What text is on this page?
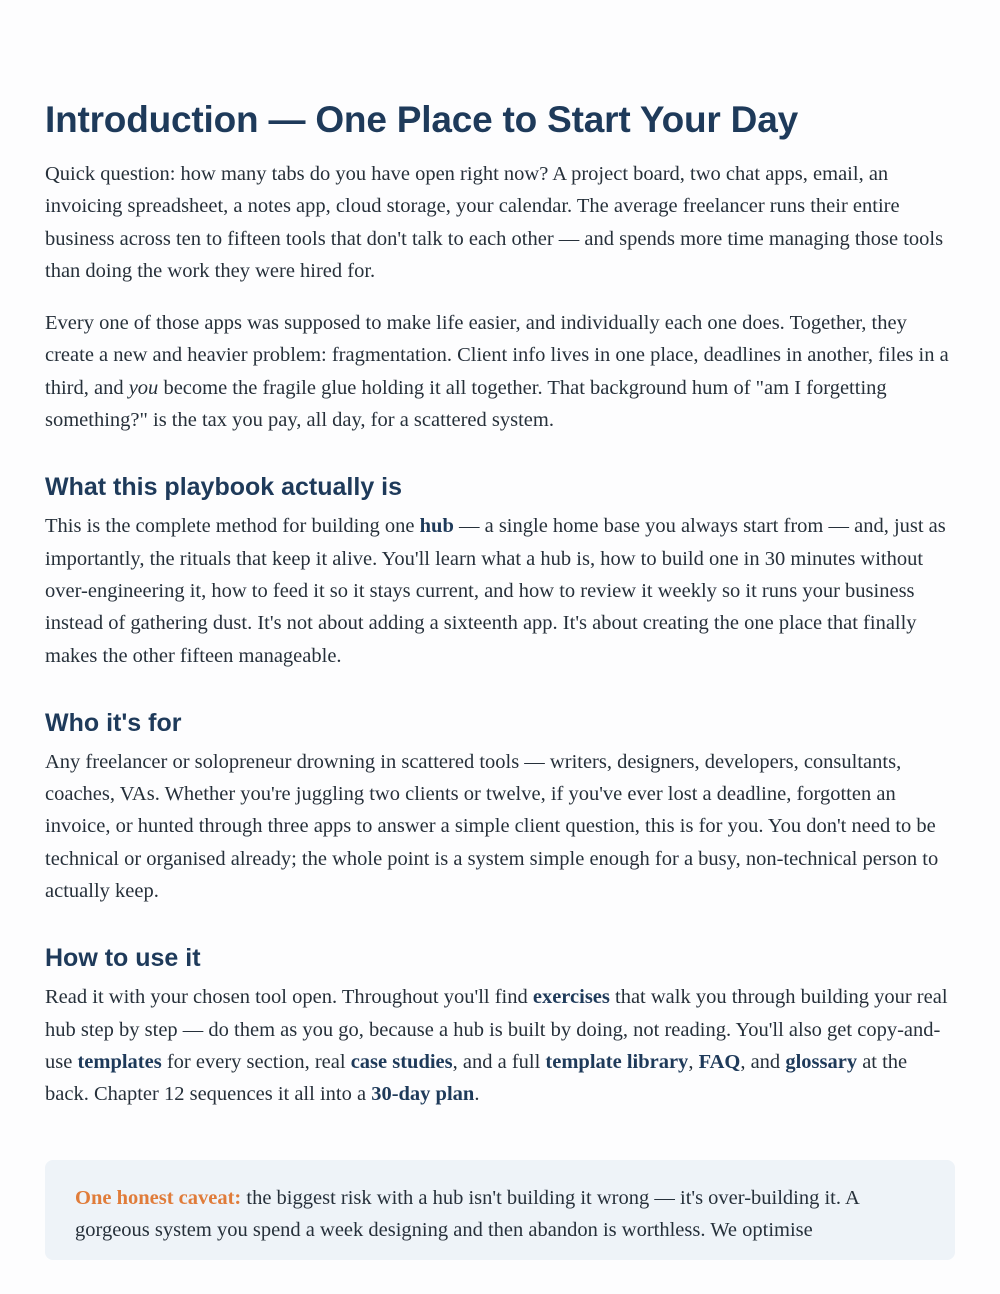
Introduction — One Place to Start Your Day

Quick question: how many tabs do you have open right now? A project board, two chat apps, email, an invoicing spreadsheet, a notes app, cloud storage, your calendar. The average freelancer runs their entire business across ten to fifteen tools that don't talk to each other — and spends more time managing those tools than doing the work they were hired for.

Every one of those apps was supposed to make life easier, and individually each one does. Together, they create a new and heavier problem: fragmentation. Client info lives in one place, deadlines in another, files in a third, and you become the fragile glue holding it all together. That background hum of "am I forgetting something?" is the tax you pay, all day, for a scattered system.

What this playbook actually is

This is the complete method for building one hub — a single home base you always start from — and, just as importantly, the rituals that keep it alive. You'll learn what a hub is, how to build one in 30 minutes without over-engineering it, how to feed it so it stays current, and how to review it weekly so it runs your business instead of gathering dust. It's not about adding a sixteenth app. It's about creating the one place that finally makes the other fifteen manageable.

Who it's for

Any freelancer or solopreneur drowning in scattered tools — writers, designers, developers, consultants, coaches, VAs. Whether you're juggling two clients or twelve, if you've ever lost a deadline, forgotten an invoice, or hunted through three apps to answer a simple client question, this is for you. You don't need to be technical or organised already; the whole point is a system simple enough for a busy, non-technical person to actually keep.

How to use it

Read it with your chosen tool open. Throughout you'll find exercises that walk you through building your real hub step by step — do them as you go, because a hub is built by doing, not reading. You'll also get copy-and-use templates for every section, real case studies, and a full template library, FAQ, and glossary at the back. Chapter 12 sequences it all into a 30-day plan.

One honest caveat: the biggest risk with a hub isn't building it wrong — it's over-building it. A gorgeous system you spend a week designing and then abandon is worthless. We optimise
